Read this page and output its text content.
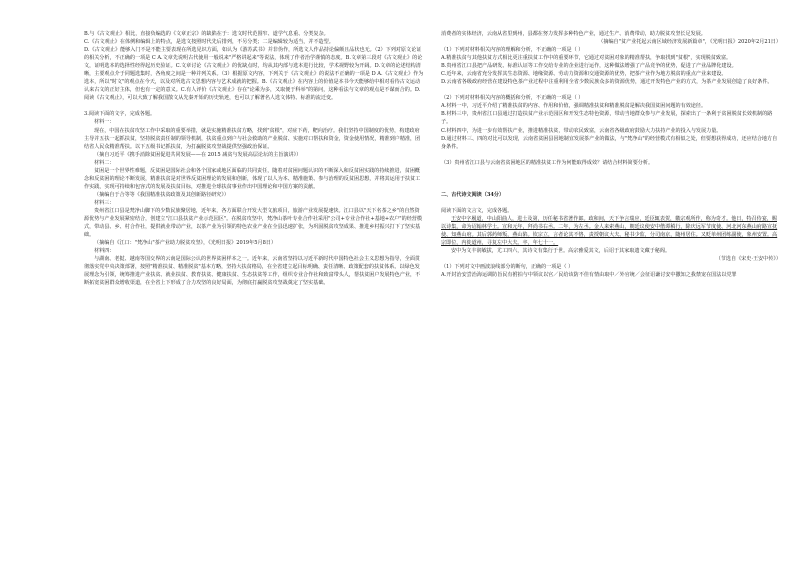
B.与《古文观止》相比，直接负编选的《文章正宗》的缺陷在于：选文时代范围窄、道学气息重、分类复杂。
C.《古文观止》在体例和编辑上的特点，是选文按照时代先后排列，不另分类；二是编辑较为适当，并不造型。
D.《古文观止》能够入门不是不能主要表现在所选见识方面，如认为《游苏武书》并非伪作，所选文人作品持论偏颇且品状也无。（2）下列对原文论证的相关分析，不正确的一项是 C A.文章先说明古代使用一般说来"严格讲起来"等说法，体现了作者治学谨慎的态度。B.文章第三段对《古文观止》的论文，证明选本的选择性经得起历史验证。C.文章讨论《古文观止》的优缺点时，均从其内部与选本进行比较，学术视野较为开阔。D.文章的论述结构清晰，主要观点介于同题选集时，各角度之间是一种并列关系。（3）根据原文内容，下列关于《古文观止》的说法不正确的一项是 D A.《古文观止》作为选本，所以"时文"的观点在今天，以及对所选古文思想内容与艺术成就的把握。B.《古文观止》在内容上的价值是本书今天能够给中相对看待古文运动认来古文的正好主体，但也有一定的意义。C.有人评价《古文观止》存在"论乘为多，又取便于科举"的第问，这种看法与文章的观点是不谋而合的。D.阅读《古文观止》，可以大致了解我国散文从先秦开始的历史轨迹，也可以了解著名人选文体特、标准的流迁变。
3.阅读下面的文字，完成各题。
材料一：
现在，中国在扶贫攻坚工作中采取的重要举措，就是实施精准扶贫方略，找到"贫根"，对症下药，靶向治疗。我们坚持中国制度的优势，构建政府主导并五扶一起抓扶贫，坚持脱贫责任制的领导机制，扶贫重点到户与社会救助的产业脱贫、实施对口帮扶和资金，资金使用情况，精准到户精准，团结省人民众精准帮扶。以下五级书记抓扶贫，为打赢脱贫攻坚战提供坚强政治保证。
（摘自习近平《携手消除贫困促进共同发展——在 2015 减贫与发展高层论坛的主旨演讲》）
材料二：
贫困是一个世界性难题，反贫困是国际社会和各个国家或地区面临的共同责任，随着对贫困问题认识的不断深入和反贫困实践的持续推进，贫困概念和反贫困的理论不断发展，精准扶贫是对世界反贫困理论的发展和创新，体现了以人为本、精准施策、参与治理的反贫困思想，并将其运用于扶贫工作实践，实现可持续和包容式的发展及扶贫目标，对推进全球扶贫事业作出中国理论和中国方案的贡献。
（摘编自于合等等《我国精准扶贫政策及其创新路径研究》）
材料三：
贵州省江口县是梵净山脚下的少数民族聚居地，近年来，各方面联合开发大型文旅项目，旅游产业发展提速快。江口县以"天下名茶之乡"的自然资源优势与产业发展紧密结合，创建立"江口县扶贫产业示范园区"。在脱贫攻坚中，梵净山茶叶专业合作社采用"公司+专业合作社+基地+农户"的经营模式，带动县、乡、村合作社，提供就业带动产业，以茶产业为引领的特色农业产业在全县迅速扩张，为巩固脱贫攻坚成果、推进乡村振兴打下了坚实基础。
（摘编自《江口："梵净山"茶产业助力脱贫攻坚》，《光明日报》2019年5月8日）
材料四：
与湖南、老挝、越南等国交界的云南是国际公认的世界贫困样本之一。近年来，云南省坚持以习近平新时代中国特色社会主义思想为指导，全面贯彻落实党中央决策部署，按照"精准扶贫、精准脱贫"基本方略，坚持大扶贫格局，在全省建立起目标明确、责任清晰、政策配套的扶贫体系。以绿色发展理念为引领，统筹推进产业扶贫、就业扶贫、教育扶贫、健康扶贫、生态扶贫等工作，组织专业合作社和致富带头人，帮扶贫困户发展特色产业，不断拓宽贫困群众增收渠道，在全省上下形成了合力攻坚的良好局面，为彻底打赢脱贫攻坚战奠定了坚实基础。
消费者的实体经济，云南从省里到州，县都在努力发挥多种特色产业，通过生产、消费带动，助力脱贫攻坚长足发展。
（摘编自"贫产业托起云南区域经济发展新篇章"，《光明日报》2020年2月21日）
（1）下列对材料相关内容的理解和分析，不正确的一项是（ ）
A.精准扶贫与其他扶贫方式相比更注重扶贫工作中的重要环节，它通过对贫困对象的精准帮扶，争取找到"贫根"，实现脱贫致富。
B.贵州省江口县把产品研发、标准认证等工作交给专业的企业进行运作，这种做法增强了产品竞争的优势，促进了产业品牌化建设。
C.近年来，云南省充分发挥其生态资源、地缘资源、劳动力资源和交通资源的优势，把茶产业作为地方脱贫的重点产业来建设。
D.云南省各级政府经营在建设特色茶产业过程中注重利用全省少数民族众多的资源优势，通过开发特色产业的方式，为茶产业发展创造了良好条件。
（2）下列对材料相关内容的概括和分析，不正确的一项是（ ）
A.材料一中，习近平介绍了精准扶贫的内容、作用和价值，强调精准扶贫和精准脱贫是解决我国贫困问题的有效途径。
B.材料三中，贵州省江口县通过打造扶贫产业示范园区和开发生态特色资源，带动当地群众参与产业发展，探索出了一条利于贫困脱贫长效机制的路子。
C.材料四中，为进一步有效帮扶产业，推进精准扶贫，带动农民致富，云南省各级政府鼓励大力扶持产业的投入与发展力量。
D.通过材料三、四的对比可以发现，云南省贫困县因地制宜发展茶产业的做法，与"梵净山"的经营模式有相似之处，但要想获得成功，还应结合地方自身条件。
（3）贵州省江口县与云南省贫困地区的精准扶贫工作为何能取得成效？请结合材料简要分析。
二、古代诗文阅读（34分）
阅读下面的文言文，完成各题。
王安中字履道，中山阳曲人，进士及第，历任秘书省著作郎。政和间，天下争言瑞应，廷臣辄表贺，徽宗观所作，称为奇才。他日，特召侍宴，赐以诗集，命为诏翰林学士。宣和元年，拜尚书右丞。二年，为左丞。金人来索燕山，朝廷议使安中偕谭稹行，除庆远军节度使、河北河东燕山府路宣抚使、知燕山府。其后郭药师叛，燕山陷。钦宗立，言者论其不恪，责授朝议大夫、秘书少监，分司南京，随州居住。又贬单州团练副使，象州安置。高宗即位，内徙道州，寻复左中大夫。卒，年七十一。
安中为文丰润敏拔，尤工四六，其诗文有集行于世。高宗雅爱其文，后诏于其家取遗文藏于秘阁。
（节选自《宋史·王安中传》）
（1）下列对文中画波浪线部分的断句，正确的一项是（ ）
A.开封治安尝治海运调防旨民有拊拍与中领议以官／民给该防不佳有情由取中／外官统／会征诏谦讨安中撒知之我禁宠在国法以党罪
